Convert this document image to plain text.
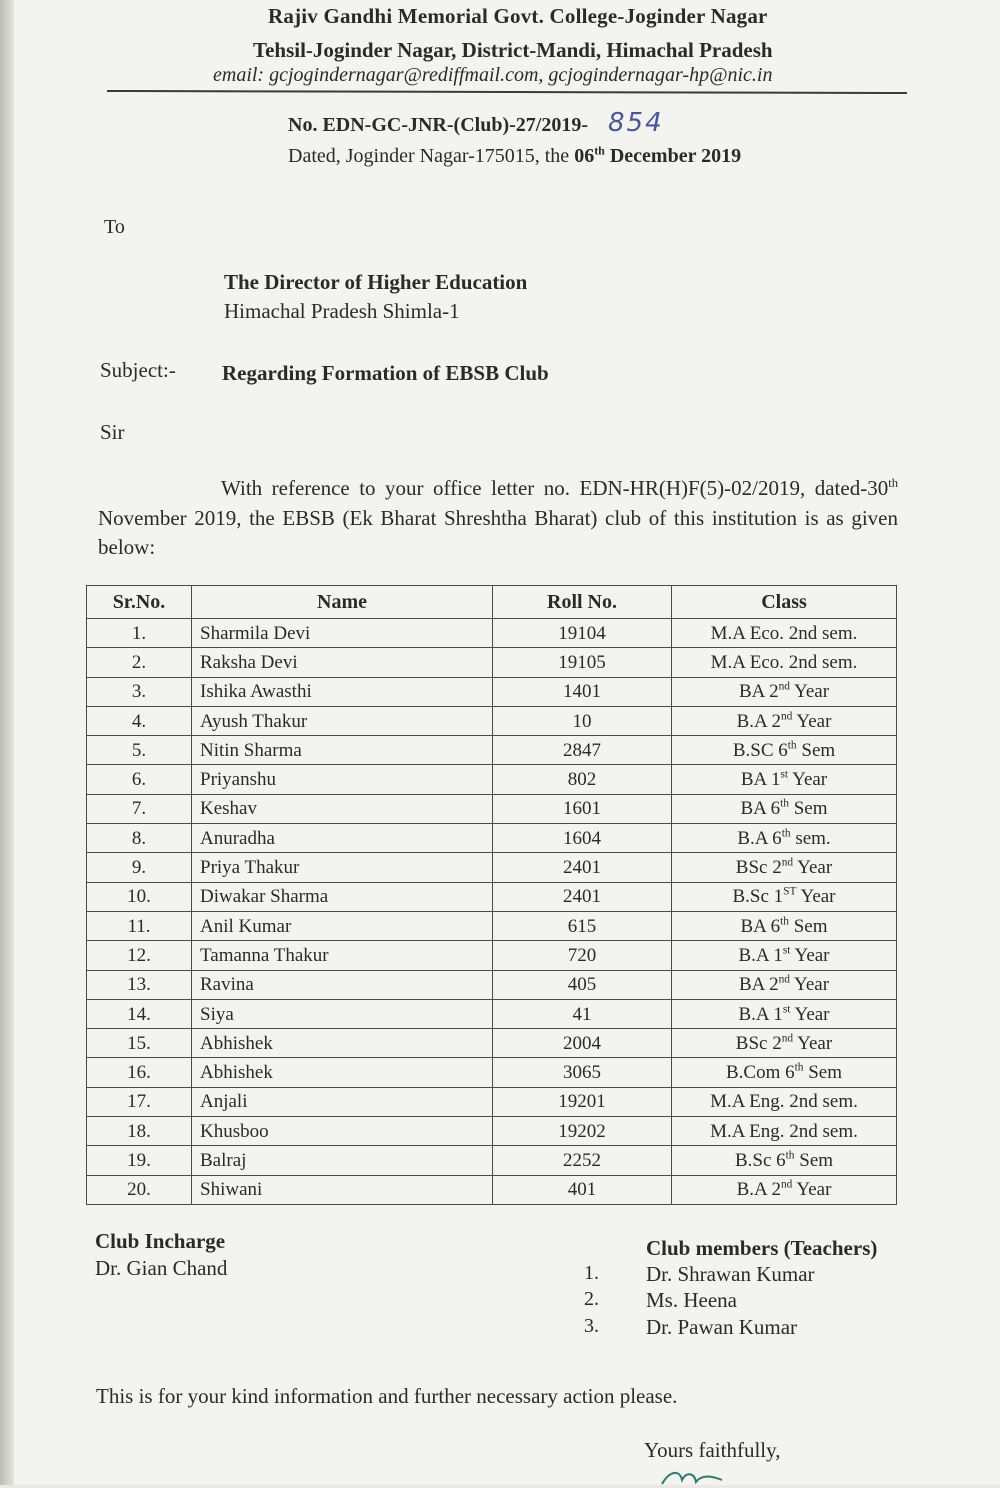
Rajiv Gandhi Memorial Govt. College-Joginder Nagar
Tehsil-Joginder Nagar, District-Mandi, Himachal Pradesh
email: gcjogindernagar@rediffmail.com, gcjogindernagar-hp@nic.in
No. EDN-GC-JNR-(Club)-27/2019- 854
Dated, Joginder Nagar-175015, the 06th December 2019
To
The Director of Higher Education
Himachal Pradesh Shimla-1
Subject:- Regarding Formation of EBSB Club
Sir
With reference to your office letter no. EDN-HR(H)F(5)-02/2019, dated-30th November 2019, the EBSB (Ek Bharat Shreshtha Bharat) club of this institution is as given below:
Sr.No.	Name	Roll No.	Class
1.	Sharmila Devi	19104	M.A Eco. 2nd sem.
2.	Raksha Devi	19105	M.A Eco. 2nd sem.
3.	Ishika Awasthi	1401	BA 2nd Year
4.	Ayush Thakur	10	B.A 2nd Year
5.	Nitin Sharma	2847	B.SC 6th Sem
6.	Priyanshu	802	BA 1st Year
7.	Keshav	1601	BA 6th Sem
8.	Anuradha	1604	B.A 6th sem.
9.	Priya Thakur	2401	BSc 2nd Year
10.	Diwakar Sharma	2401	B.Sc 1ST Year
11.	Anil Kumar	615	BA 6th Sem
12.	Tamanna Thakur	720	B.A 1st Year
13.	Ravina	405	BA 2nd Year
14.	Siya	41	B.A 1st Year
15.	Abhishek	2004	BSc 2nd Year
16.	Abhishek	3065	B.Com 6th Sem
17.	Anjali	19201	M.A Eng. 2nd sem.
18.	Khusboo	19202	M.A Eng. 2nd sem.
19.	Balraj	2252	B.Sc 6th Sem
20.	Shiwani	401	B.A 2nd Year
Club Incharge
Dr. Gian Chand
Club members (Teachers)
1. Dr. Shrawan Kumar
2. Ms. Heena
3. Dr. Pawan Kumar
This is for your kind information and further necessary action please.
Yours faithfully,
